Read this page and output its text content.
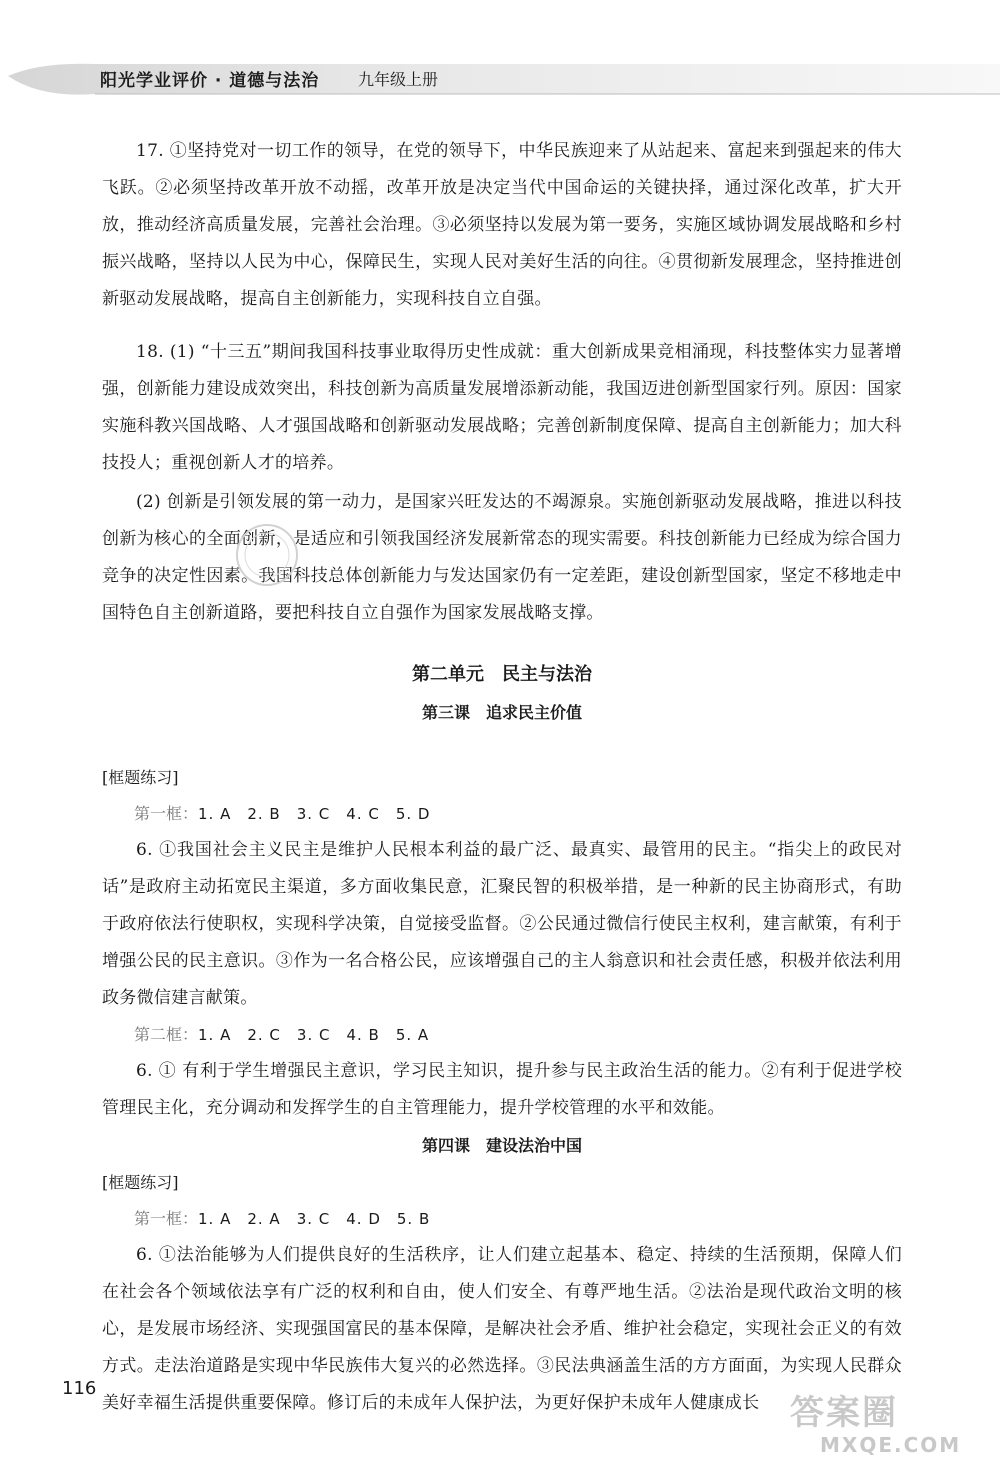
阳光学业评价 · 道德与法治 九年级上册

17. ①坚持党对一切工作的领导，在党的领导下，中华民族迎来了从站起来、富起来到强起来的伟大飞跃。②必须坚持改革开放不动摇，改革开放是决定当代中国命运的关键抉择，通过深化改革，扩大开放，推动经济高质量发展，完善社会治理。③必须坚持以发展为第一要务，实施区域协调发展战略和乡村振兴战略，坚持以人民为中心，保障民生，实现人民对美好生活的向往。④贯彻新发展理念，坚持推进创新驱动发展战略，提高自主创新能力，实现科技自立自强。

18. (1) “十三五”期间我国科技事业取得历史性成就：重大创新成果竞相涌现，科技整体实力显著增强，创新能力建设成效突出，科技创新为高质量发展增添新动能，我国迈进创新型国家行列。原因：国家实施科教兴国战略、人才强国战略和创新驱动发展战略；完善创新制度保障、提高自主创新能力；加大科技投人；重视创新人才的培养。

(2) 创新是引领发展的第一动力，是国家兴旺发达的不竭源泉。实施创新驱动发展战略，推进以科技创新为核心的全面创新，是适应和引领我国经济发展新常态的现实需要。科技创新能力已经成为综合国力竞争的决定性因素。我国科技总体创新能力与发达国家仍有一定差距，建设创新型国家，坚定不移地走中国特色自主创新道路，要把科技自立自强作为国家发展战略支撑。

第二单元　民主与法治

第三课　追求民主价值

[框题练习]

第一框：1. A　2. B　3. C　4. C　5. D

6. ①我国社会主义民主是维护人民根本利益的最广泛、最真实、最管用的民主。“指尖上的政民对话”是政府主动拓宽民主渠道，多方面收集民意，汇聚民智的积极举措，是一种新的民主协商形式，有助于政府依法行使职权，实现科学决策，自觉接受监督。②公民通过微信行使民主权利，建言献策，有利于增强公民的民主意识。③作为一名合格公民，应该增强自己的主人翁意识和社会责任感，积极并依法利用政务微信建言献策。

第二框：1. A　2. C　3. C　4. B　5. A

6. ① 有利于学生增强民主意识，学习民主知识，提升参与民主政治生活的能力。②有利于促进学校管理民主化，充分调动和发挥学生的自主管理能力，提升学校管理的水平和效能。

第四课　建设法治中国

[框题练习]

第一框：1. A　2. A　3. C　4. D　5. B

6. ①法治能够为人们提供良好的生活秩序，让人们建立起基本、稳定、持续的生活预期，保障人们在社会各个领域依法享有广泛的权利和自由，使人们安全、有尊严地生活。②法治是现代政治文明的核心，是发展市场经济、实现强国富民的基本保障，是解决社会矛盾、维护社会稳定，实现社会正义的有效方式。走法治道路是实现中华民族伟大复兴的必然选择。③民法典涵盖生活的方方面面，为实现人民群众美好幸福生活提供重要保障。修订后的未成年人保护法，为更好保护未成年人健康成长

116
答案圈
MXQE.COM
